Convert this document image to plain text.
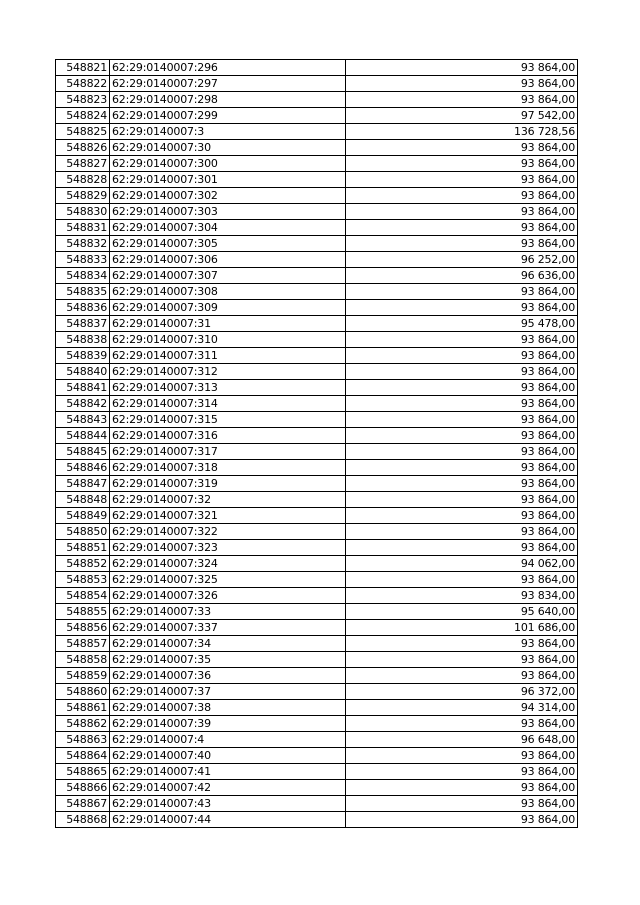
548821	62:29:0140007:296	93 864,00
548822	62:29:0140007:297	93 864,00
548823	62:29:0140007:298	93 864,00
548824	62:29:0140007:299	97 542,00
548825	62:29:0140007:3	136 728,56
548826	62:29:0140007:30	93 864,00
548827	62:29:0140007:300	93 864,00
548828	62:29:0140007:301	93 864,00
548829	62:29:0140007:302	93 864,00
548830	62:29:0140007:303	93 864,00
548831	62:29:0140007:304	93 864,00
548832	62:29:0140007:305	93 864,00
548833	62:29:0140007:306	96 252,00
548834	62:29:0140007:307	96 636,00
548835	62:29:0140007:308	93 864,00
548836	62:29:0140007:309	93 864,00
548837	62:29:0140007:31	95 478,00
548838	62:29:0140007:310	93 864,00
548839	62:29:0140007:311	93 864,00
548840	62:29:0140007:312	93 864,00
548841	62:29:0140007:313	93 864,00
548842	62:29:0140007:314	93 864,00
548843	62:29:0140007:315	93 864,00
548844	62:29:0140007:316	93 864,00
548845	62:29:0140007:317	93 864,00
548846	62:29:0140007:318	93 864,00
548847	62:29:0140007:319	93 864,00
548848	62:29:0140007:32	93 864,00
548849	62:29:0140007:321	93 864,00
548850	62:29:0140007:322	93 864,00
548851	62:29:0140007:323	93 864,00
548852	62:29:0140007:324	94 062,00
548853	62:29:0140007:325	93 864,00
548854	62:29:0140007:326	93 834,00
548855	62:29:0140007:33	95 640,00
548856	62:29:0140007:337	101 686,00
548857	62:29:0140007:34	93 864,00
548858	62:29:0140007:35	93 864,00
548859	62:29:0140007:36	93 864,00
548860	62:29:0140007:37	96 372,00
548861	62:29:0140007:38	94 314,00
548862	62:29:0140007:39	93 864,00
548863	62:29:0140007:4	96 648,00
548864	62:29:0140007:40	93 864,00
548865	62:29:0140007:41	93 864,00
548866	62:29:0140007:42	93 864,00
548867	62:29:0140007:43	93 864,00
548868	62:29:0140007:44	93 864,00
